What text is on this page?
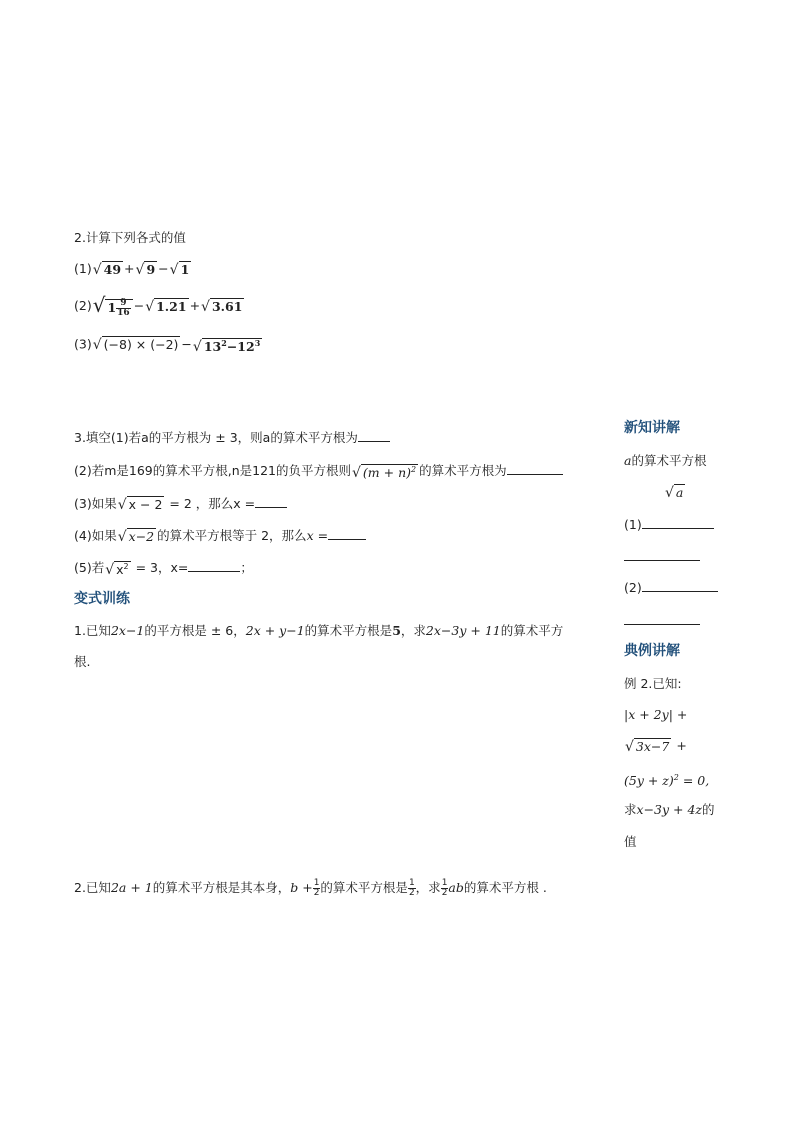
2.计算下列各式的值
(1)√ 49 +√ 9 −√ 1
(2)√ $1 \frac{9}{16}$ −√ 1.21 +√ 3.61
(3)√ (−8) × (−2) −√ $13^2-12^3$
3.填空(1)若a的平方根为 ± 3，则a的算术平方根为
(2)若m是169的算术平方根,n是121的负平方根则√ $(m + n)^2$ 的算术平方根为
(3)如果√ x − 2 = 2 ，那么x =
(4)如果√ x−2 的算术平方根等于 2，那么x =
(5)若√ $x^2 = 3$，x=	；
变式训练
1.已知2x−1的平方根是 ± 6，2x + y−1的算术平方根是5，求2x−3y + 11的算术平方
根.
2.已知2a + 1的算术平方根是其本身，$b + \frac{1}{2}$ 的算术平方根是 $\frac{1}{2}$ ，求 $\frac{1}{2}$ ab的算术平方根 .
新知讲解
a的算术平方根
√ a
(1)
(2)
典例讲解
例 2.已知:
|x + 2y| +
√ 3x−7 +
$(5y + z)^2 = 0$,
求x−3y + 4z的
值
